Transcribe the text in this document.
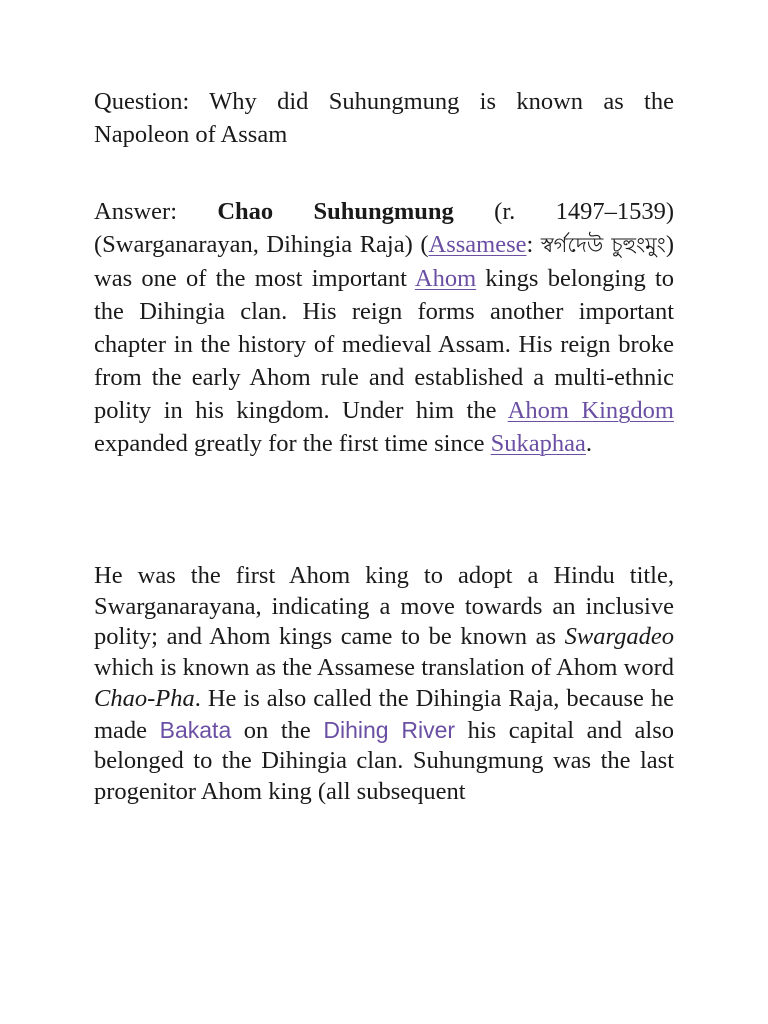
Question: Why did Suhungmung is known as the Napoleon of Assam

Answer: Chao Suhungmung (r. 1497–1539) (Swarganarayan, Dihingia Raja) (Assamese: স্বৰ্গদেউ চুহুংমুং) was one of the most important Ahom kings belonging to the Dihingia clan. His reign forms another important chapter in the history of medieval Assam. His reign broke from the early Ahom rule and established a multi-ethnic polity in his kingdom. Under him the Ahom Kingdom expanded greatly for the first time since Sukaphaa.

He was the first Ahom king to adopt a Hindu title, Swarganarayana, indicating a move towards an inclusive polity; and Ahom kings came to be known as Swargadeo which is known as the Assamese translation of Ahom word Chao-Pha. He is also called the Dihingia Raja, because he made Bakata on the Dihing River his capital and also belonged to the Dihingia clan. Suhungmung was the last progenitor Ahom king (all subsequent
